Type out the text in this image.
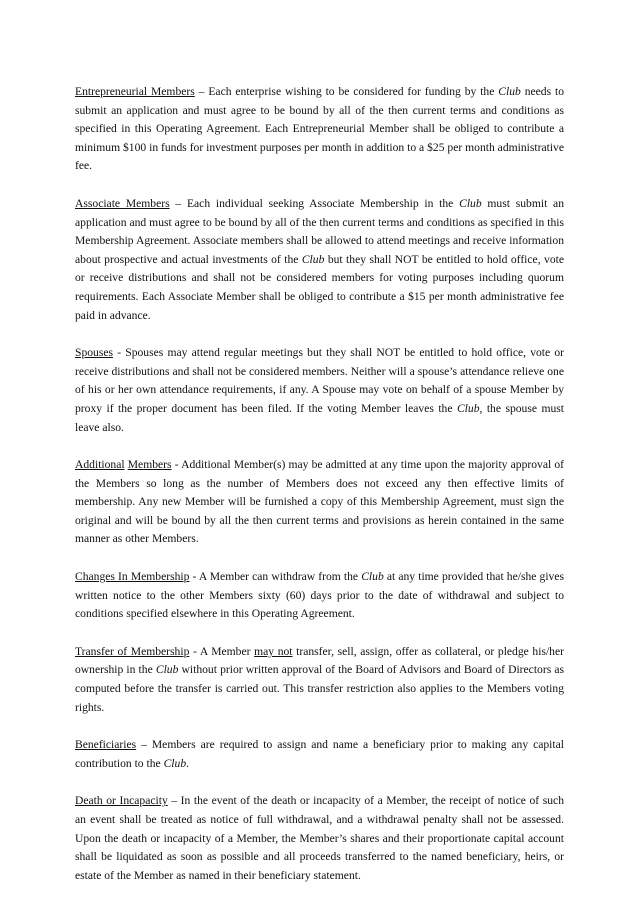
Entrepreneurial Members – Each enterprise wishing to be considered for funding by the Club needs to submit an application and must agree to be bound by all of the then current terms and conditions as specified in this Operating Agreement. Each Entrepreneurial Member shall be obliged to contribute a minimum $100 in funds for investment purposes per month in addition to a $25 per month administrative fee.

Associate Members – Each individual seeking Associate Membership in the Club must submit an application and must agree to be bound by all of the then current terms and conditions as specified in this Membership Agreement. Associate members shall be allowed to attend meetings and receive information about prospective and actual investments of the Club but they shall NOT be entitled to hold office, vote or receive distributions and shall not be considered members for voting purposes including quorum requirements. Each Associate Member shall be obliged to contribute a $15 per month administrative fee paid in advance.

Spouses - Spouses may attend regular meetings but they shall NOT be entitled to hold office, vote or receive distributions and shall not be considered members. Neither will a spouse’s attendance relieve one of his or her own attendance requirements, if any. A Spouse may vote on behalf of a spouse Member by proxy if the proper document has been filed. If the voting Member leaves the Club, the spouse must leave also.

Additional Members - Additional Member(s) may be admitted at any time upon the majority approval of the Members so long as the number of Members does not exceed any then effective limits of membership. Any new Member will be furnished a copy of this Membership Agreement, must sign the original and will be bound by all the then current terms and provisions as herein contained in the same manner as other Members.

Changes In Membership - A Member can withdraw from the Club at any time provided that he/she gives written notice to the other Members sixty (60) days prior to the date of withdrawal and subject to conditions specified elsewhere in this Operating Agreement.

Transfer of Membership - A Member may not transfer, sell, assign, offer as collateral, or pledge his/her ownership in the Club without prior written approval of the Board of Advisors and Board of Directors as computed before the transfer is carried out. This transfer restriction also applies to the Members voting rights.

Beneficiaries – Members are required to assign and name a beneficiary prior to making any capital contribution to the Club.

Death or Incapacity – In the event of the death or incapacity of a Member, the receipt of notice of such an event shall be treated as notice of full withdrawal, and a withdrawal penalty shall not be assessed. Upon the death or incapacity of a Member, the Member’s shares and their proportionate capital account shall be liquidated as soon as possible and all proceeds transferred to the named beneficiary, heirs, or estate of the Member as named in their beneficiary statement.
